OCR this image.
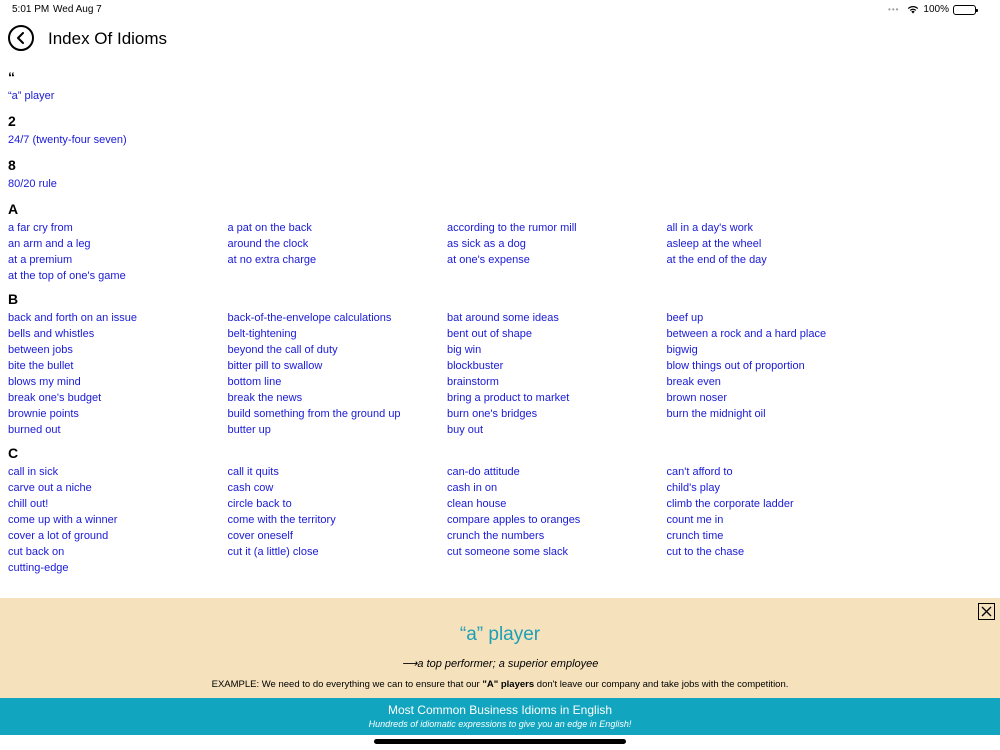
5:01 PM Wed Aug 7	••• 100%
Index Of Idioms
“
“a” player
2
24/7 (twenty-four seven)
8
80/20 rule
A
a far cry from	a pat on the back	according to the rumor mill	all in a day's work
an arm and a leg	around the clock	as sick as a dog	asleep at the wheel
at a premium	at no extra charge	at one's expense	at the end of the day
at the top of one's game
B
back and forth on an issue	back-of-the-envelope calculations	bat around some ideas	beef up
bells and whistles	belt-tightening	bent out of shape	between a rock and a hard place
between jobs	beyond the call of duty	big win	bigwig
bite the bullet	bitter pill to swallow	blockbuster	blow things out of proportion
blows my mind	bottom line	brainstorm	break even
break one's budget	break the news	bring a product to market	brown noser
brownie points	build something from the ground up	burn one's bridges	burn the midnight oil
burned out	butter up	buy out
C
call in sick	call it quits	can-do attitude	can't afford to
carve out a niche	cash cow	cash in on	child's play
chill out!	circle back to	clean house	climb the corporate ladder
come up with a winner	come with the territory	compare apples to oranges	count me in
cover a lot of ground	cover oneself	crunch the numbers	crunch time
cut back on	cut it (a little) close	cut someone some slack	cut to the chase
cutting-edge
“a” player
⟶a top performer; a superior employee
EXAMPLE: We need to do everything we can to ensure that our "A" players don't leave our company and take jobs with the competition.
Most Common Business Idioms in English
Hundreds of idiomatic expressions to give you an edge in English!
